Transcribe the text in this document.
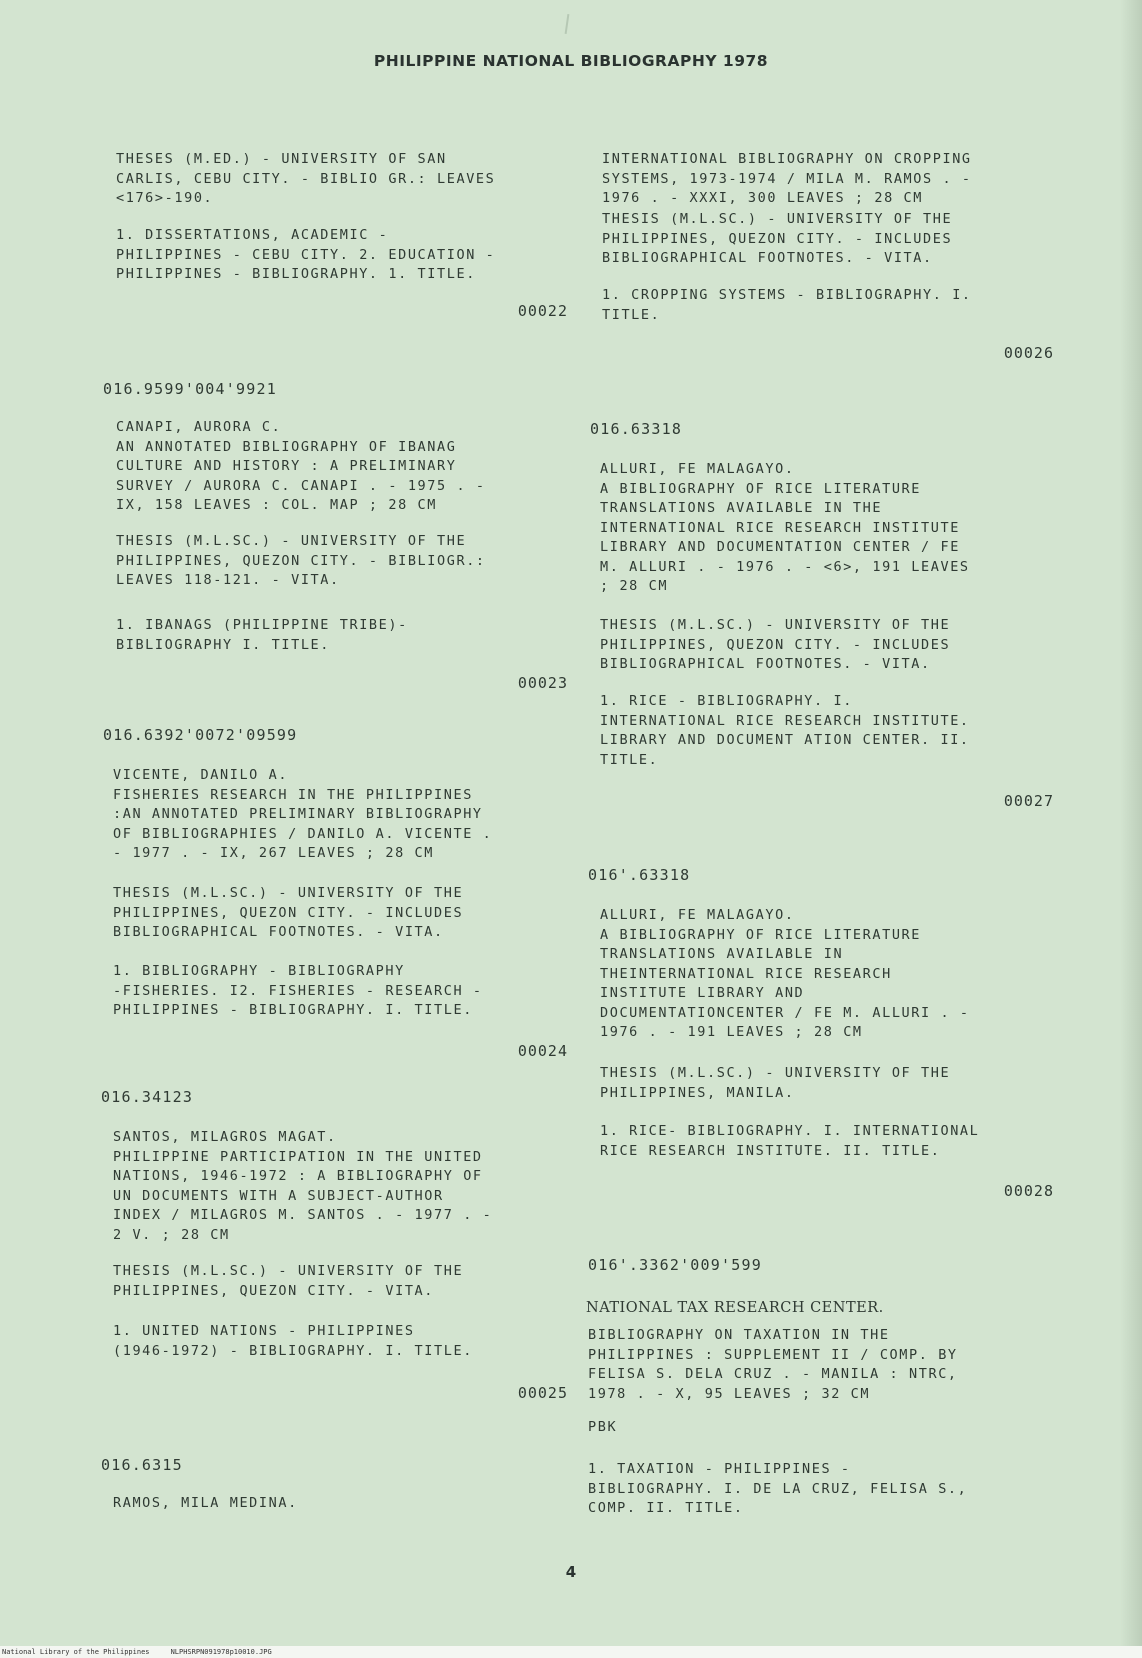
PHILIPPINE NATIONAL BIBLIOGRAPHY 1978
THESES (M.ED.) - UNIVERSITY OF SAN
CARLIS, CEBU CITY. - BIBLIO GR.: LEAVES
<176>-190.
1. DISSERTATIONS, ACADEMIC -
PHILIPPINES - CEBU CITY. 2. EDUCATION -
PHILIPPINES - BIBLIOGRAPHY. 1. TITLE.
00022
016.9599'004'9921
CANAPI, AURORA C.
AN ANNOTATED BIBLIOGRAPHY OF IBANAG
CULTURE AND HISTORY : A PRELIMINARY
SURVEY / AURORA C. CANAPI . - 1975 . -
IX, 158 LEAVES : COL. MAP ; 28 CM
THESIS (M.L.SC.) - UNIVERSITY OF THE
PHILIPPINES, QUEZON CITY. - BIBLIOGR.:
LEAVES 118-121. - VITA.
1. IBANAGS (PHILIPPINE TRIBE)-
BIBLIOGRAPHY I. TITLE.
00023
016.6392'0072'09599
VICENTE, DANILO A.
FISHERIES RESEARCH IN THE PHILIPPINES
:AN ANNOTATED PRELIMINARY BIBLIOGRAPHY
OF BIBLIOGRAPHIES / DANILO A. VICENTE .
- 1977 . - IX, 267 LEAVES ; 28 CM
THESIS (M.L.SC.) - UNIVERSITY OF THE
PHILIPPINES, QUEZON CITY. - INCLUDES
BIBLIOGRAPHICAL FOOTNOTES. - VITA.
1. BIBLIOGRAPHY - BIBLIOGRAPHY
-FISHERIES. I2. FISHERIES - RESEARCH -
PHILIPPINES - BIBLIOGRAPHY. I. TITLE.
00024
016.34123
SANTOS, MILAGROS MAGAT.
PHILIPPINE PARTICIPATION IN THE UNITED
NATIONS, 1946-1972 : A BIBLIOGRAPHY OF
UN DOCUMENTS WITH A SUBJECT-AUTHOR
INDEX / MILAGROS M. SANTOS . - 1977 . -
2 V. ; 28 CM
THESIS (M.L.SC.) - UNIVERSITY OF THE
PHILIPPINES, QUEZON CITY. - VITA.
1. UNITED NATIONS - PHILIPPINES
(1946-1972) - BIBLIOGRAPHY. I. TITLE.
00025
016.6315
RAMOS, MILA MEDINA.
INTERNATIONAL BIBLIOGRAPHY ON CROPPING
SYSTEMS, 1973-1974 / MILA M. RAMOS . -
1976 . - XXXI, 300 LEAVES ; 28 CM
THESIS (M.L.SC.) - UNIVERSITY OF THE
PHILIPPINES, QUEZON CITY. - INCLUDES
BIBLIOGRAPHICAL FOOTNOTES. - VITA.
1. CROPPING SYSTEMS - BIBLIOGRAPHY. I.
TITLE.
00026
016.63318
ALLURI, FE MALAGAYO.
A BIBLIOGRAPHY OF RICE LITERATURE
TRANSLATIONS AVAILABLE IN THE
INTERNATIONAL RICE RESEARCH INSTITUTE
LIBRARY AND DOCUMENTATION CENTER / FE
M. ALLURI . - 1976 . - <6>, 191 LEAVES
; 28 CM
THESIS (M.L.SC.) - UNIVERSITY OF THE
PHILIPPINES, QUEZON CITY. - INCLUDES
BIBLIOGRAPHICAL FOOTNOTES. - VITA.
1. RICE - BIBLIOGRAPHY. I.
INTERNATIONAL RICE RESEARCH INSTITUTE.
LIBRARY AND DOCUMENT ATION CENTER. II.
TITLE.
00027
016'.63318
ALLURI, FE MALAGAYO.
A BIBLIOGRAPHY OF RICE LITERATURE
TRANSLATIONS AVAILABLE IN
THEINTERNATIONAL RICE RESEARCH
INSTITUTE LIBRARY AND
DOCUMENTATIONCENTER / FE M. ALLURI . -
1976 . - 191 LEAVES ; 28 CM
THESIS (M.L.SC.) - UNIVERSITY OF THE
PHILIPPINES, MANILA.
1. RICE- BIBLIOGRAPHY. I. INTERNATIONAL
RICE RESEARCH INSTITUTE. II. TITLE.
00028
016'.3362'009'599
NATIONAL TAX RESEARCH CENTER.
BIBLIOGRAPHY ON TAXATION IN THE
PHILIPPINES : SUPPLEMENT II / COMP. BY
FELISA S. DELA CRUZ . - MANILA : NTRC,
1978 . - X, 95 LEAVES ; 32 CM
PBK
1. TAXATION - PHILIPPINES -
BIBLIOGRAPHY. I. DE LA CRUZ, FELISA S.,
COMP. II. TITLE.
4
National Library of the Philippines     NLPHSRPN091978p10010.JPG
